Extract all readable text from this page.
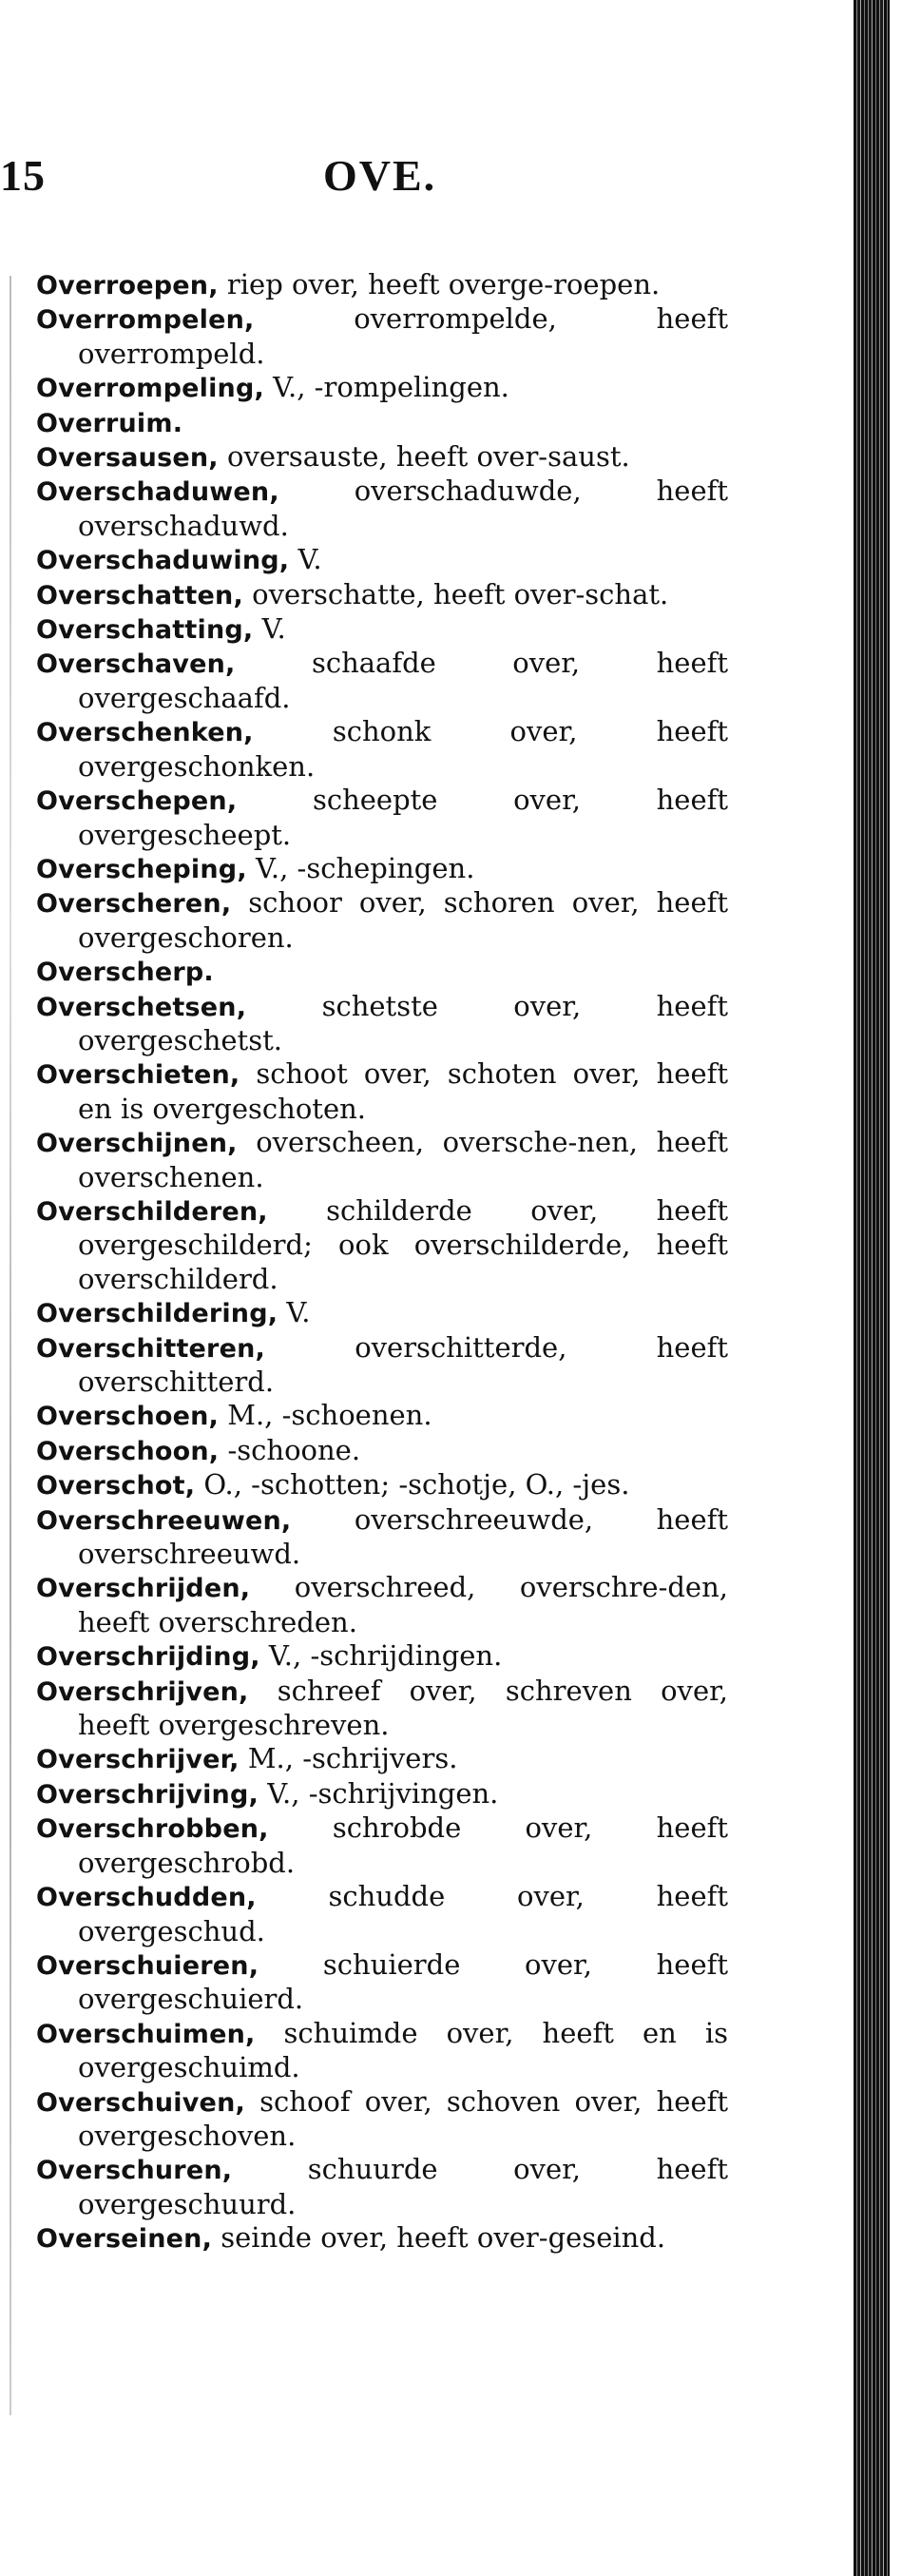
15	OVE.
Overroepen, riep over, heeft overge-roepen.
Overrompelen,	overrompelde, heeft overrompeld.
Overrompeling, V., -rompelingen.
Overruim.
Oversausen, oversauste, heeft over-saust.
Overschaduwen,	overschaduwde, heeft overschaduwd.
Overschaduwing, V.
Overschatten, overschatte, heeft over-schat.
Overschatting, V.
Overschaven,	schaafde over, heeft overgeschaafd.
Overschenken,	schonk over, heeft overgeschonken.
Overschepen,	scheepte over, heeft overgescheept.
Overscheping, V., -schepingen.
Overscheren, schoor over, schoren over, heeft overgeschoren.
Overscherp.
Overschetsen,	schetste over, heeft overgeschetst.
Overschieten, schoot over, schoten over, heeft en is overgeschoten.
Overschijnen, overscheen, oversche-nen, heeft overschenen.
Overschilderen, schilderde over, heeft overgeschilderd; ook overschilderde, heeft overschilderd.
Overschildering, V.
Overschitteren,	overschitterde, heeft overschitterd.
Overschoen, M., -schoenen.
Overschoon, -schoone.
Overschot, O., -schotten; -schotje, O., -jes.
Overschreeuwen, overschreeuwde, heeft overschreeuwd.
Overschrijden, overschreed, overschre-den, heeft overschreden.
Overschrijding, V., -schrijdingen.
Overschrijven, schreef over, schreven over, heeft overgeschreven.
Overschrijver, M., -schrijvers.
Overschrijving, V., -schrijvingen.
Overschrobben, schrobde over, heeft overgeschrobd.
Overschudden,	schudde over, heeft overgeschud.
Overschuieren, schuierde over, heeft overgeschuierd.
Overschuimen, schuimde over, heeft en is overgeschuimd.
Overschuiven, schoof over, schoven over, heeft overgeschoven.
Overschuren,	schuurde over, heeft overgeschuurd.
Overseinen, seinde over, heeft over-geseind.
